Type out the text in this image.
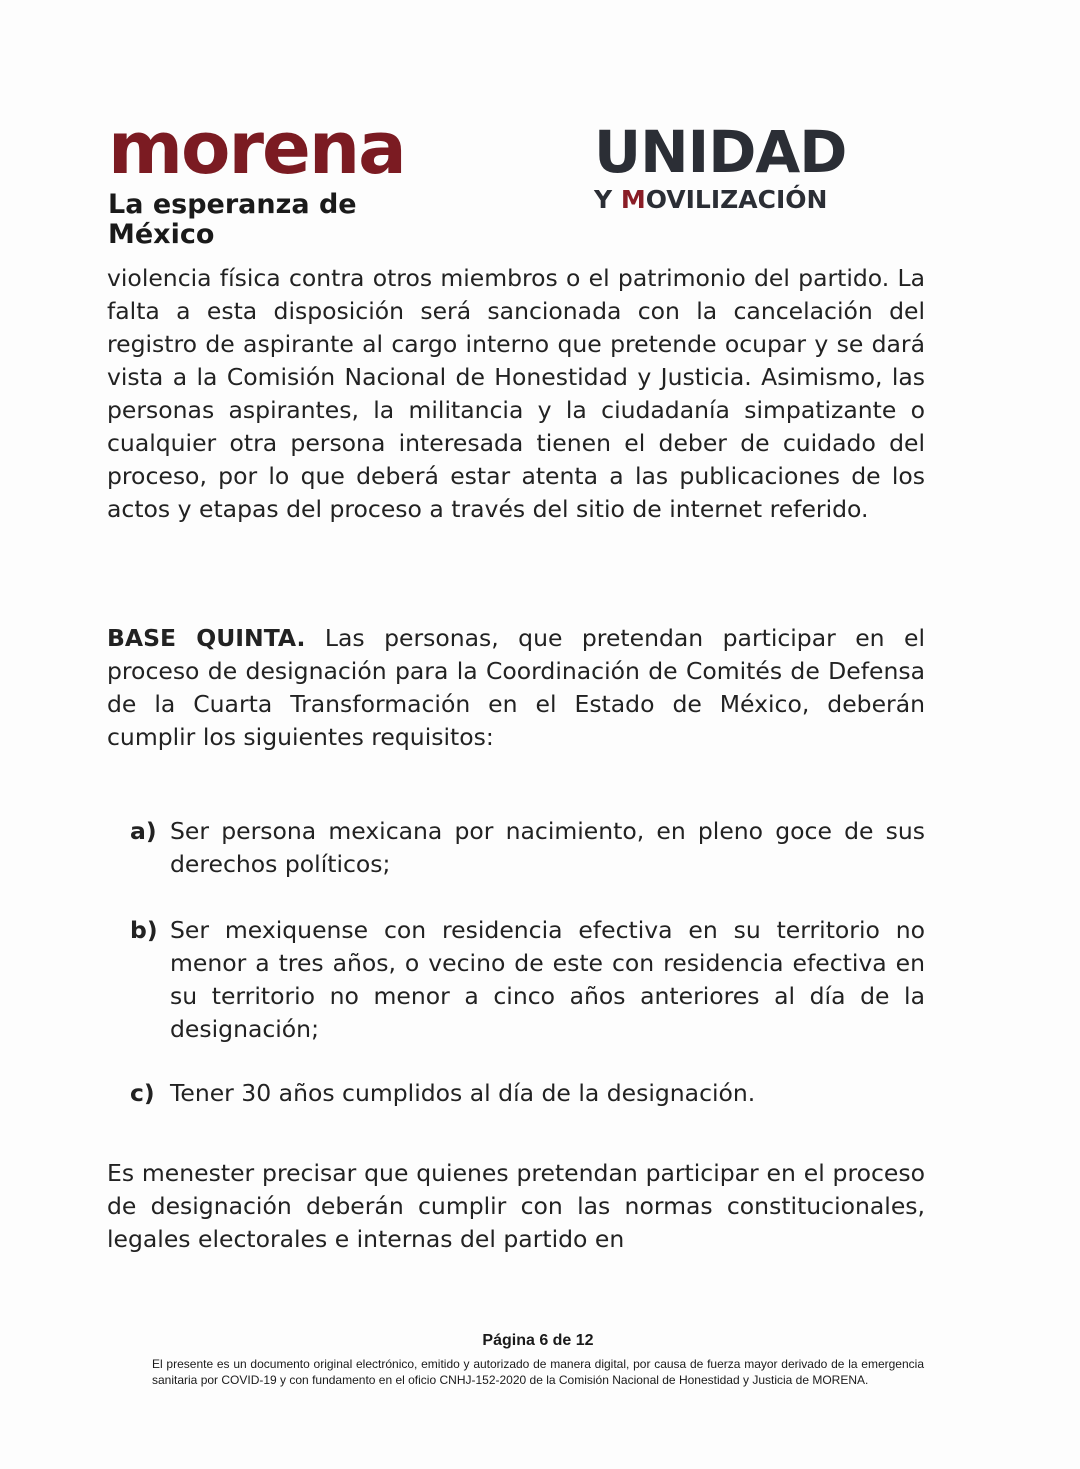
morena
La esperanza de México
UNIDAD
Y MOVILIZACIÓN

violencia física contra otros miembros o el patrimonio del partido. La falta a esta disposición será sancionada con la cancelación del registro de aspirante al cargo interno que pretende ocupar y se dará vista a la Comisión Nacional de Honestidad y Justicia. Asimismo, las personas aspirantes, la militancia y la ciudadanía simpatizante o cualquier otra persona interesada tienen el deber de cuidado del proceso, por lo que deberá estar atenta a las publicaciones de los actos y etapas del proceso a través del sitio de internet referido.

BASE QUINTA. Las personas, que pretendan participar en el proceso de designación para la Coordinación de Comités de Defensa de la Cuarta Transformación en el Estado de México, deberán cumplir los siguientes requisitos:

a) Ser persona mexicana por nacimiento, en pleno goce de sus derechos políticos;
b) Ser mexiquense con residencia efectiva en su territorio no menor a tres años, o vecino de este con residencia efectiva en su territorio no menor a cinco años anteriores al día de la designación;
c) Tener 30 años cumplidos al día de la designación.

Es menester precisar que quienes pretendan participar en el proceso de designación deberán cumplir con las normas constitucionales, legales electorales e internas del partido en

Página 6 de 12
El presente es un documento original electrónico, emitido y autorizado de manera digital, por causa de fuerza mayor derivado de la emergencia sanitaria por COVID-19 y con fundamento en el oficio CNHJ-152-2020 de la Comisión Nacional de Honestidad y Justicia de MORENA.
